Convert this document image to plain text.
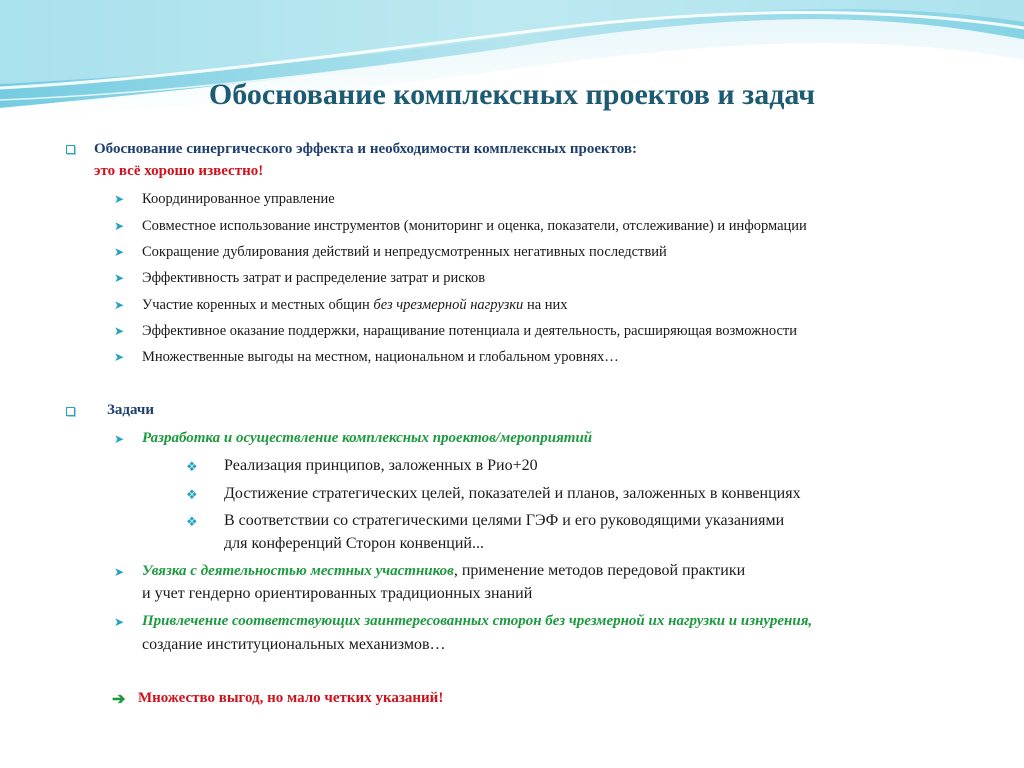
Обоснование комплексных проектов и задач
Обоснование синергического эффекта и необходимости комплексных проектов:
это всё хорошо известно!
➤ Координированное управление
➤ Совместное использование инструментов (мониторинг и оценка, показатели, отслеживание) и информации
➤ Сокращение дублирования действий и непредусмотренных негативных последствий
➤ Эффективность затрат и распределение затрат и рисков
➤ Участие коренных и местных общин без чрезмерной нагрузки на них
➤ Эффективное оказание поддержки, наращивание потенциала и деятельность, расширяющая возможности
➤ Множественные выгоды на местном, национальном и глобальном уровнях…
Задачи
➤ Разработка и осуществление комплексных проектов/мероприятий
❖ Реализация принципов, заложенных в Рио+20
❖ Достижение стратегических целей, показателей и планов, заложенных в конвенциях
❖ В соответствии со стратегическими целями ГЭФ и его руководящими указаниями
для конференций Сторон конвенций...
➤ Увязка с деятельностью местных участников, применение методов передовой практики
и учет гендерно ориентированных традиционных знаний
➤ Привлечение соответствующих заинтересованных сторон без чрезмерной их нагрузки и изнурения,
создание институциональных механизмов…
➔ Множество выгод, но мало четких указаний!
